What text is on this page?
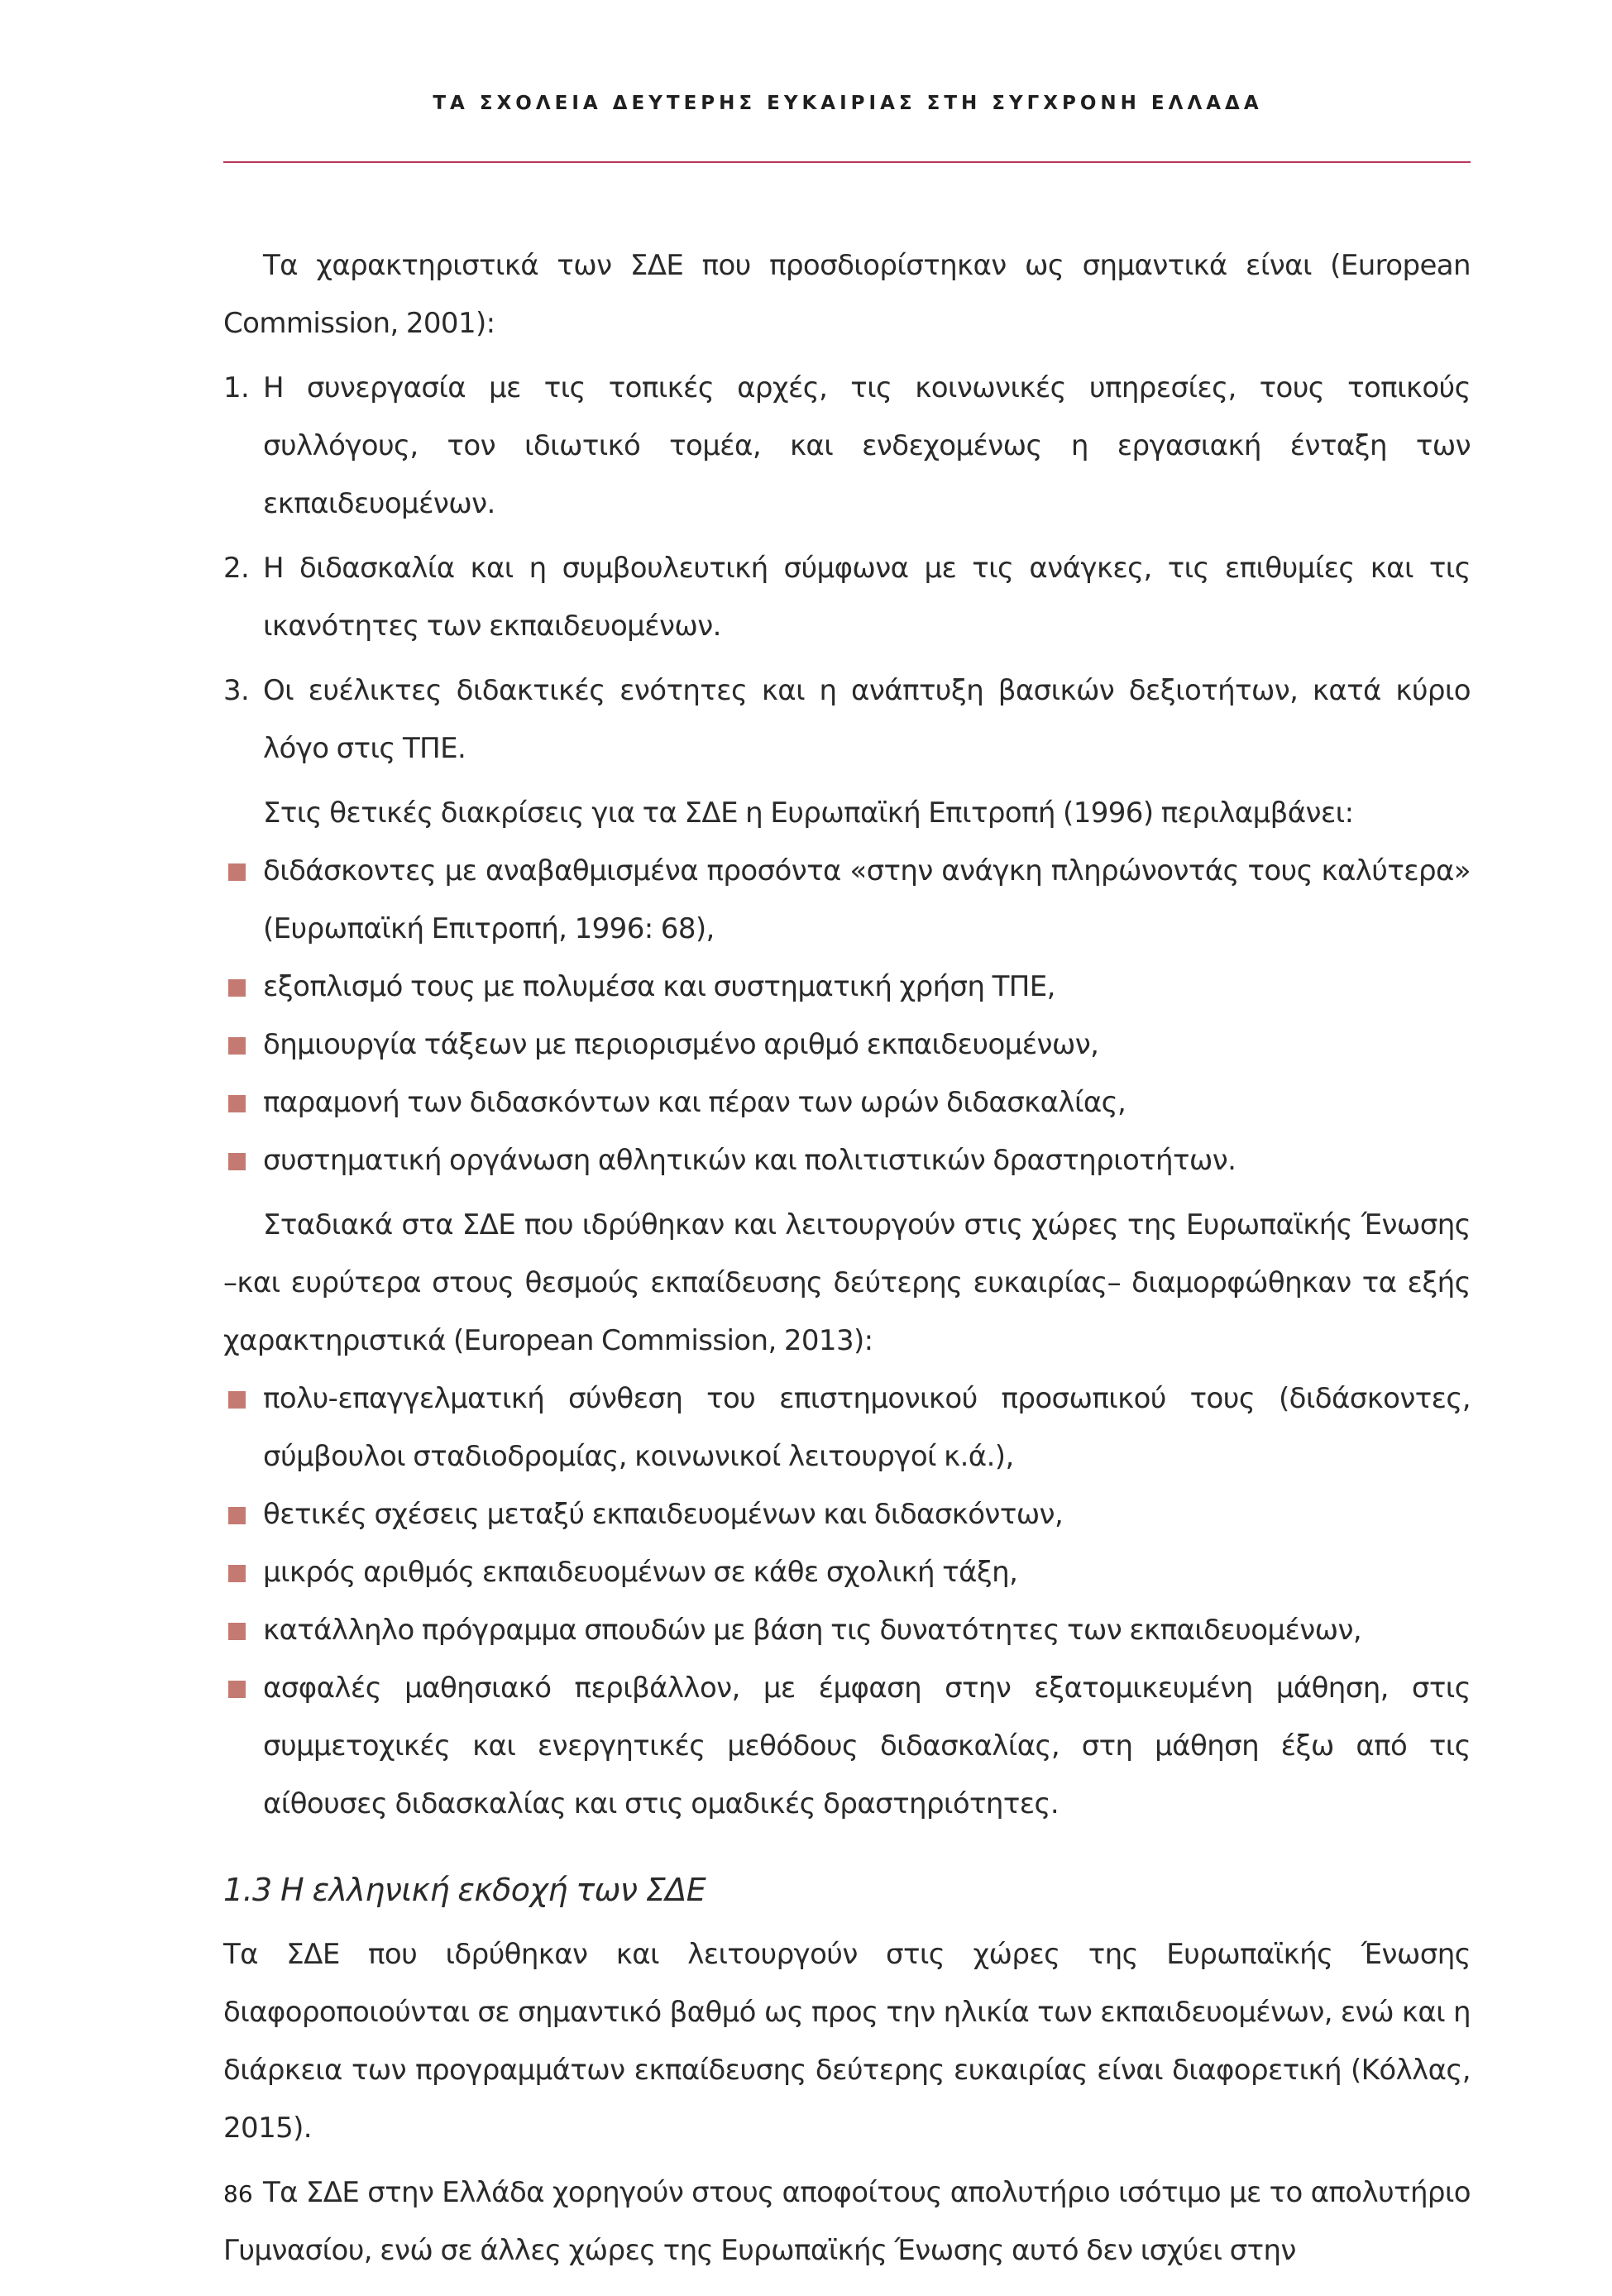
ΤΑ ΣΧΟΛΕΙΑ ΔΕΥΤΕΡΗΣ ΕΥΚΑΙΡΙΑΣ ΣΤΗ ΣΥΓΧΡΟΝΗ ΕΛΛΑΔΑ

Τα χαρακτηριστικά των ΣΔΕ που προσδιορίστηκαν ως σημαντικά είναι (European Commission, 2001):

1. Η συνεργασία με τις τοπικές αρχές, τις κοινωνικές υπηρεσίες, τους τοπικούς συλλόγους, τον ιδιωτικό τομέα, και ενδεχομένως η εργασιακή ένταξη των εκπαιδευομένων.
2. Η διδασκαλία και η συμβουλευτική σύμφωνα με τις ανάγκες, τις επιθυμίες και τις ικανότητες των εκπαιδευομένων.
3. Οι ευέλικτες διδακτικές ενότητες και η ανάπτυξη βασικών δεξιοτήτων, κατά κύριο λόγο στις ΤΠΕ.

Στις θετικές διακρίσεις για τα ΣΔΕ η Ευρωπαϊκή Επιτροπή (1996) περιλαμβάνει:

διδάσκοντες με αναβαθμισμένα προσόντα «στην ανάγκη πληρώνοντάς τους καλύτερα» (Ευρωπαϊκή Επιτροπή, 1996: 68),
εξοπλισμό τους με πολυμέσα και συστηματική χρήση ΤΠΕ,
δημιουργία τάξεων με περιορισμένο αριθμό εκπαιδευομένων,
παραμονή των διδασκόντων και πέραν των ωρών διδασκαλίας,
συστηματική οργάνωση αθλητικών και πολιτιστικών δραστηριοτήτων.

Σταδιακά στα ΣΔΕ που ιδρύθηκαν και λειτουργούν στις χώρες της Ευρωπαϊκής Ένωσης –και ευρύτερα στους θεσμούς εκπαίδευσης δεύτερης ευκαιρίας– διαμορφώθηκαν τα εξής χαρακτηριστικά (European Commission, 2013):

πολυ-επαγγελματική σύνθεση του επιστημονικού προσωπικού τους (διδάσκοντες, σύμβουλοι σταδιοδρομίας, κοινωνικοί λειτουργοί κ.ά.),
θετικές σχέσεις μεταξύ εκπαιδευομένων και διδασκόντων,
μικρός αριθμός εκπαιδευομένων σε κάθε σχολική τάξη,
κατάλληλο πρόγραμμα σπουδών με βάση τις δυνατότητες των εκπαιδευομένων,
ασφαλές μαθησιακό περιβάλλον, με έμφαση στην εξατομικευμένη μάθηση, στις συμμετοχικές και ενεργητικές μεθόδους διδασκαλίας, στη μάθηση έξω από τις αίθουσες διδασκαλίας και στις ομαδικές δραστηριότητες.
1.3 Η ελληνική εκδοχή των ΣΔΕ

Τα ΣΔΕ που ιδρύθηκαν και λειτουργούν στις χώρες της Ευρωπαϊκής Ένωσης διαφοροποιούνται σε σημαντικό βαθμό ως προς την ηλικία των εκπαιδευομένων, ενώ και η διάρκεια των προγραμμάτων εκπαίδευσης δεύτερης ευκαιρίας είναι διαφορετική (Κόλλας, 2015).

Τα ΣΔΕ στην Ελλάδα χορηγούν στους αποφοίτους απολυτήριο ισότιμο με το απολυτήριο Γυμνασίου, ενώ σε άλλες χώρες της Ευρωπαϊκής Ένωσης αυτό δεν ισχύει στην

86
